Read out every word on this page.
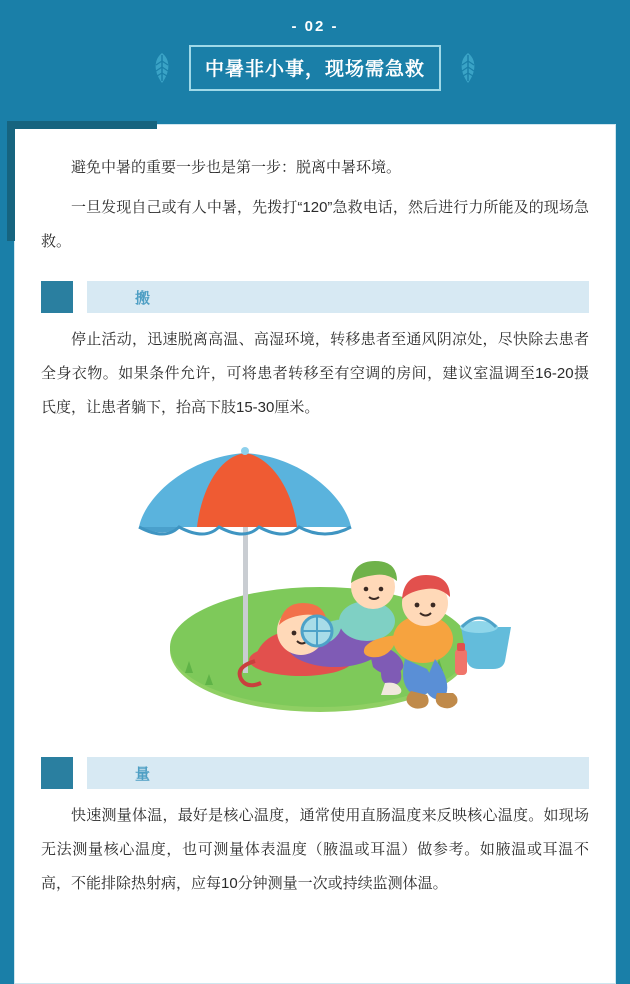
- 02 -
中暑非小事，现场需急救

避免中暑的重要一步也是第一步：脱离中暑环境。

一旦发现自己或有人中暑，先拨打“120”急救电话，然后进行力所能及的现场急救。

搬

停止活动，迅速脱离高温、高湿环境，转移患者至通风阴凉处，尽快除去患者全身衣物。如果条件允许，可将患者转移至有空调的房间，建议室温调至16-20摄氏度，让患者躺下，抬高下肢15-30厘米。

量

快速测量体温，最好是核心温度，通常使用直肠温度来反映核心温度。如现场无法测量核心温度，也可测量体表温度（腋温或耳温）做参考。如腋温或耳温不高，不能排除热射病，应每10分钟测量一次或持续监测体温。
